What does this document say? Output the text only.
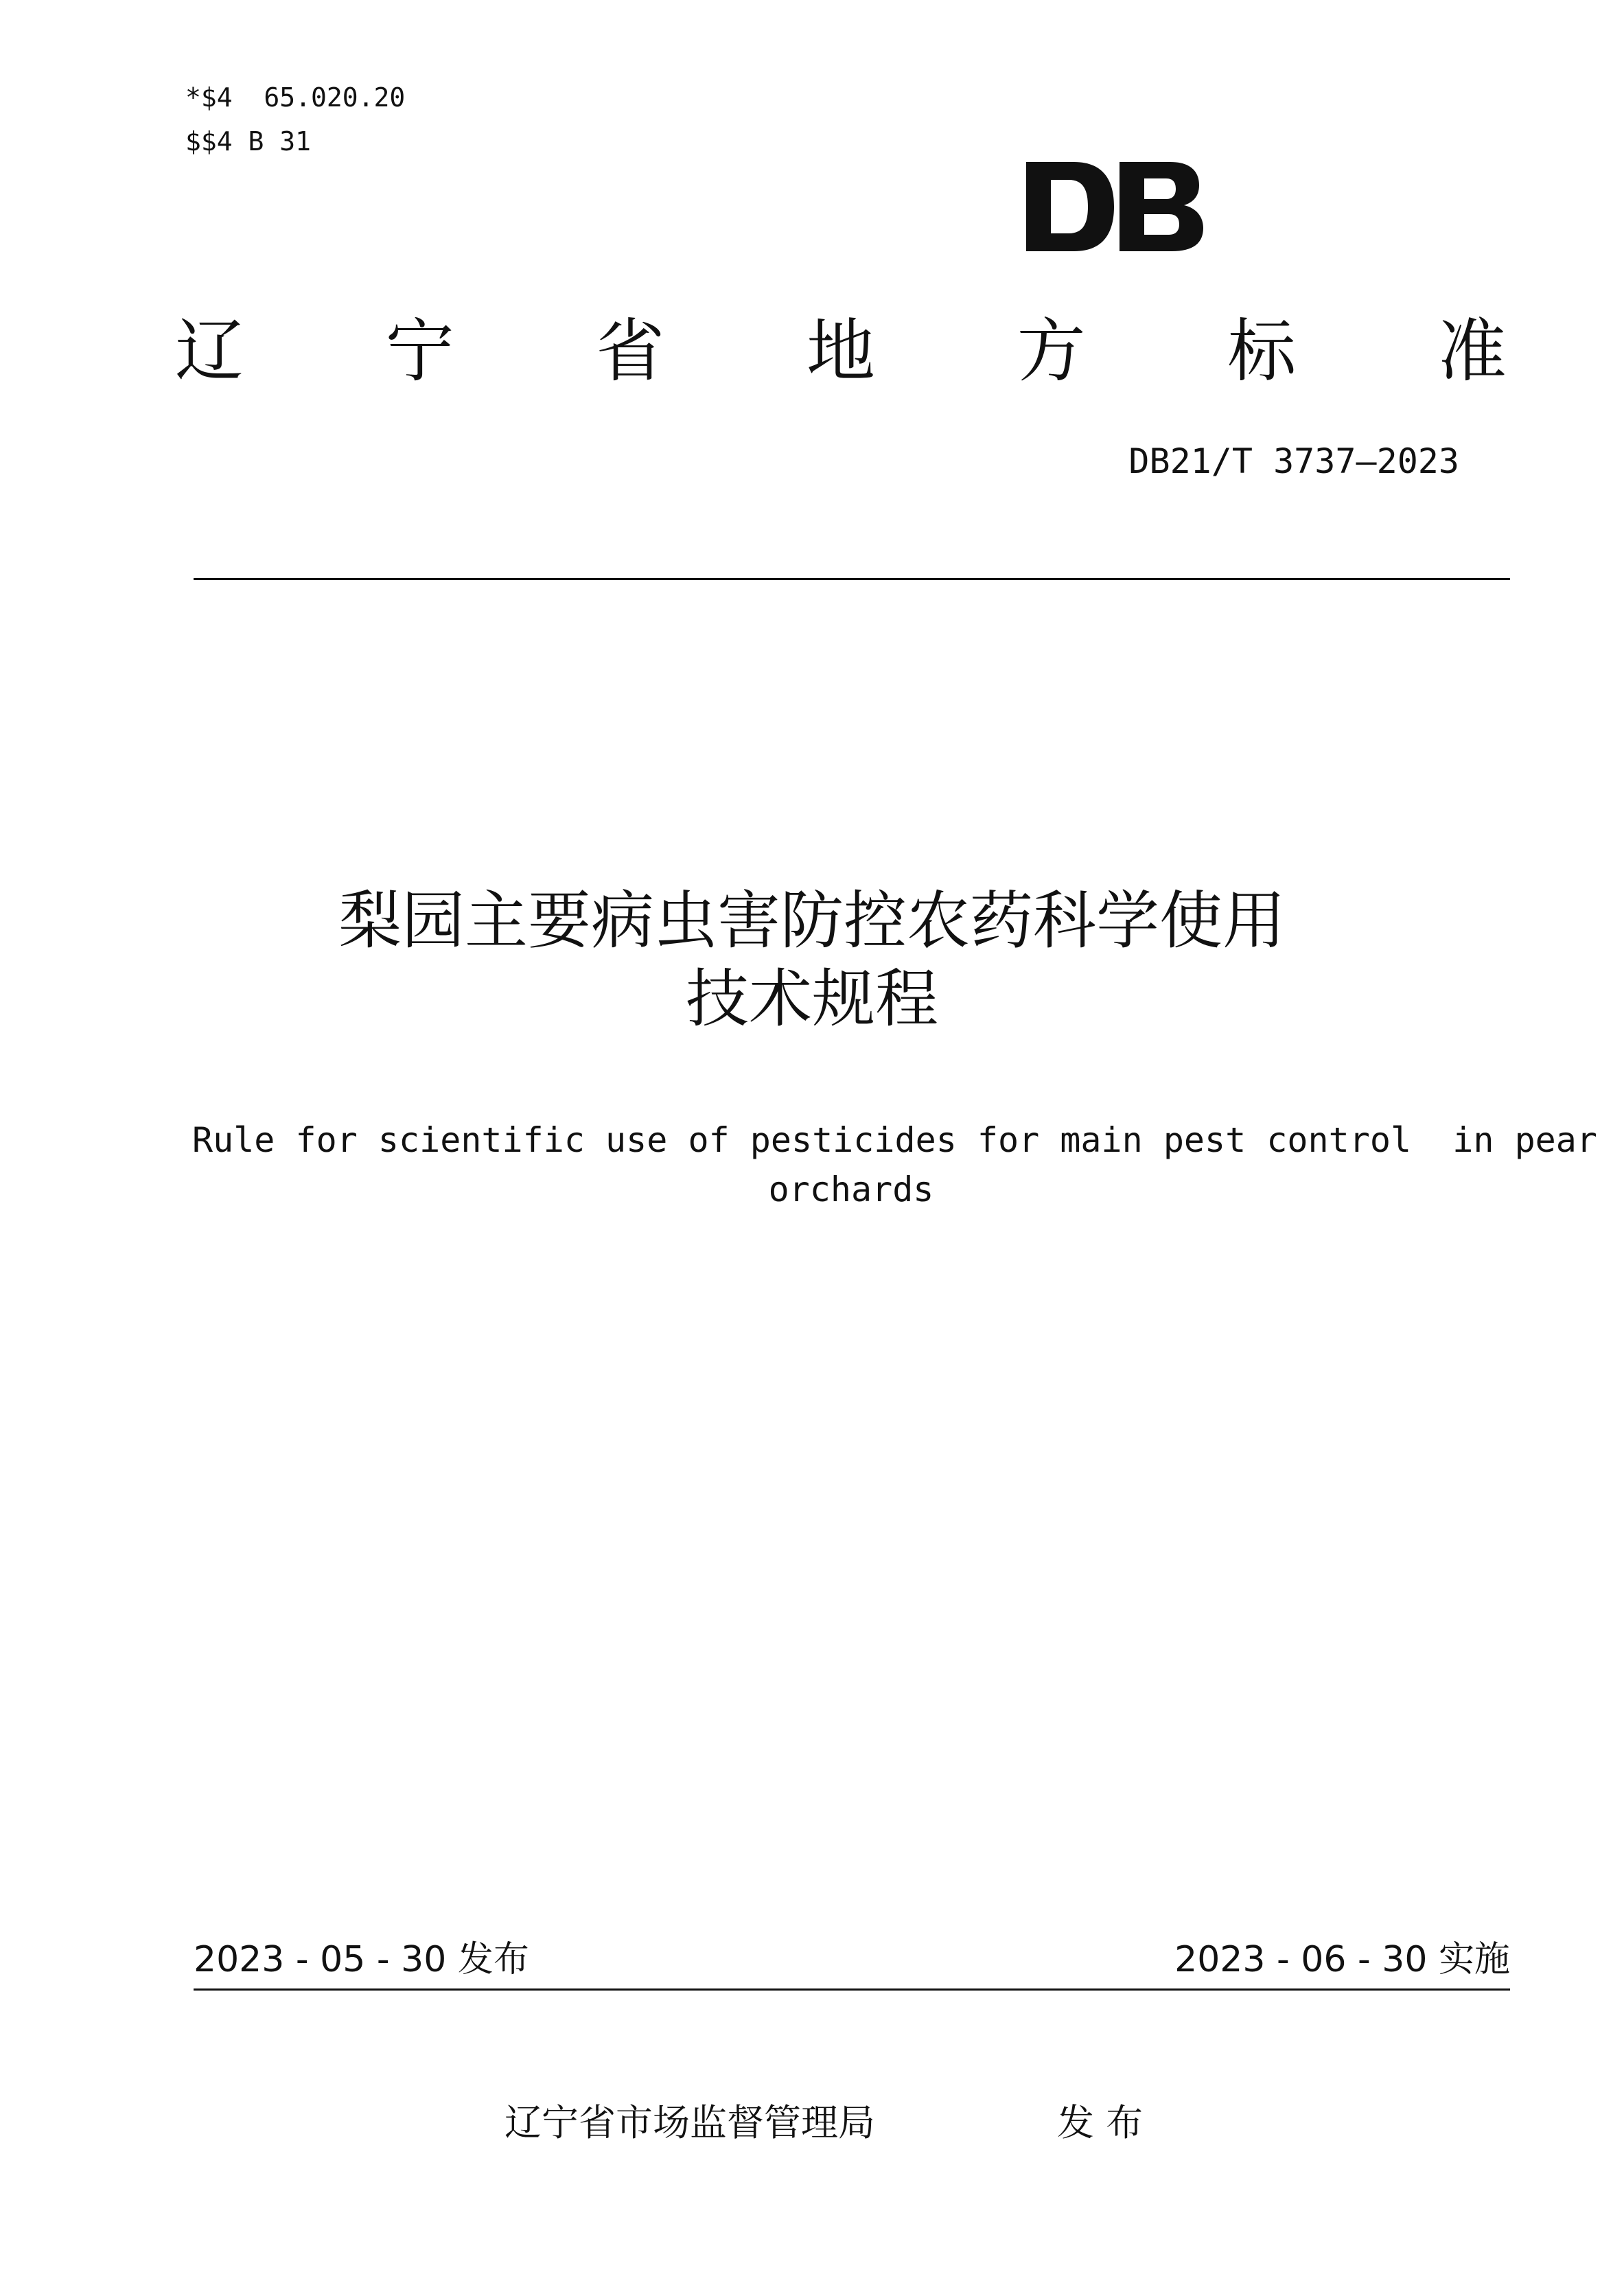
*$4  65.020.20
$$4 B 31
辽 宁 省 地 方 标 准
DB21/T 3737—2023
梨园主要病虫害防控农药科学使用
技术规程
Rule for scientific use of pesticides for main pest control  in pear
orchards
2023 - 05 - 30 发布	2023 - 06 - 30 实施
辽宁省市场监督管理局	发 布
